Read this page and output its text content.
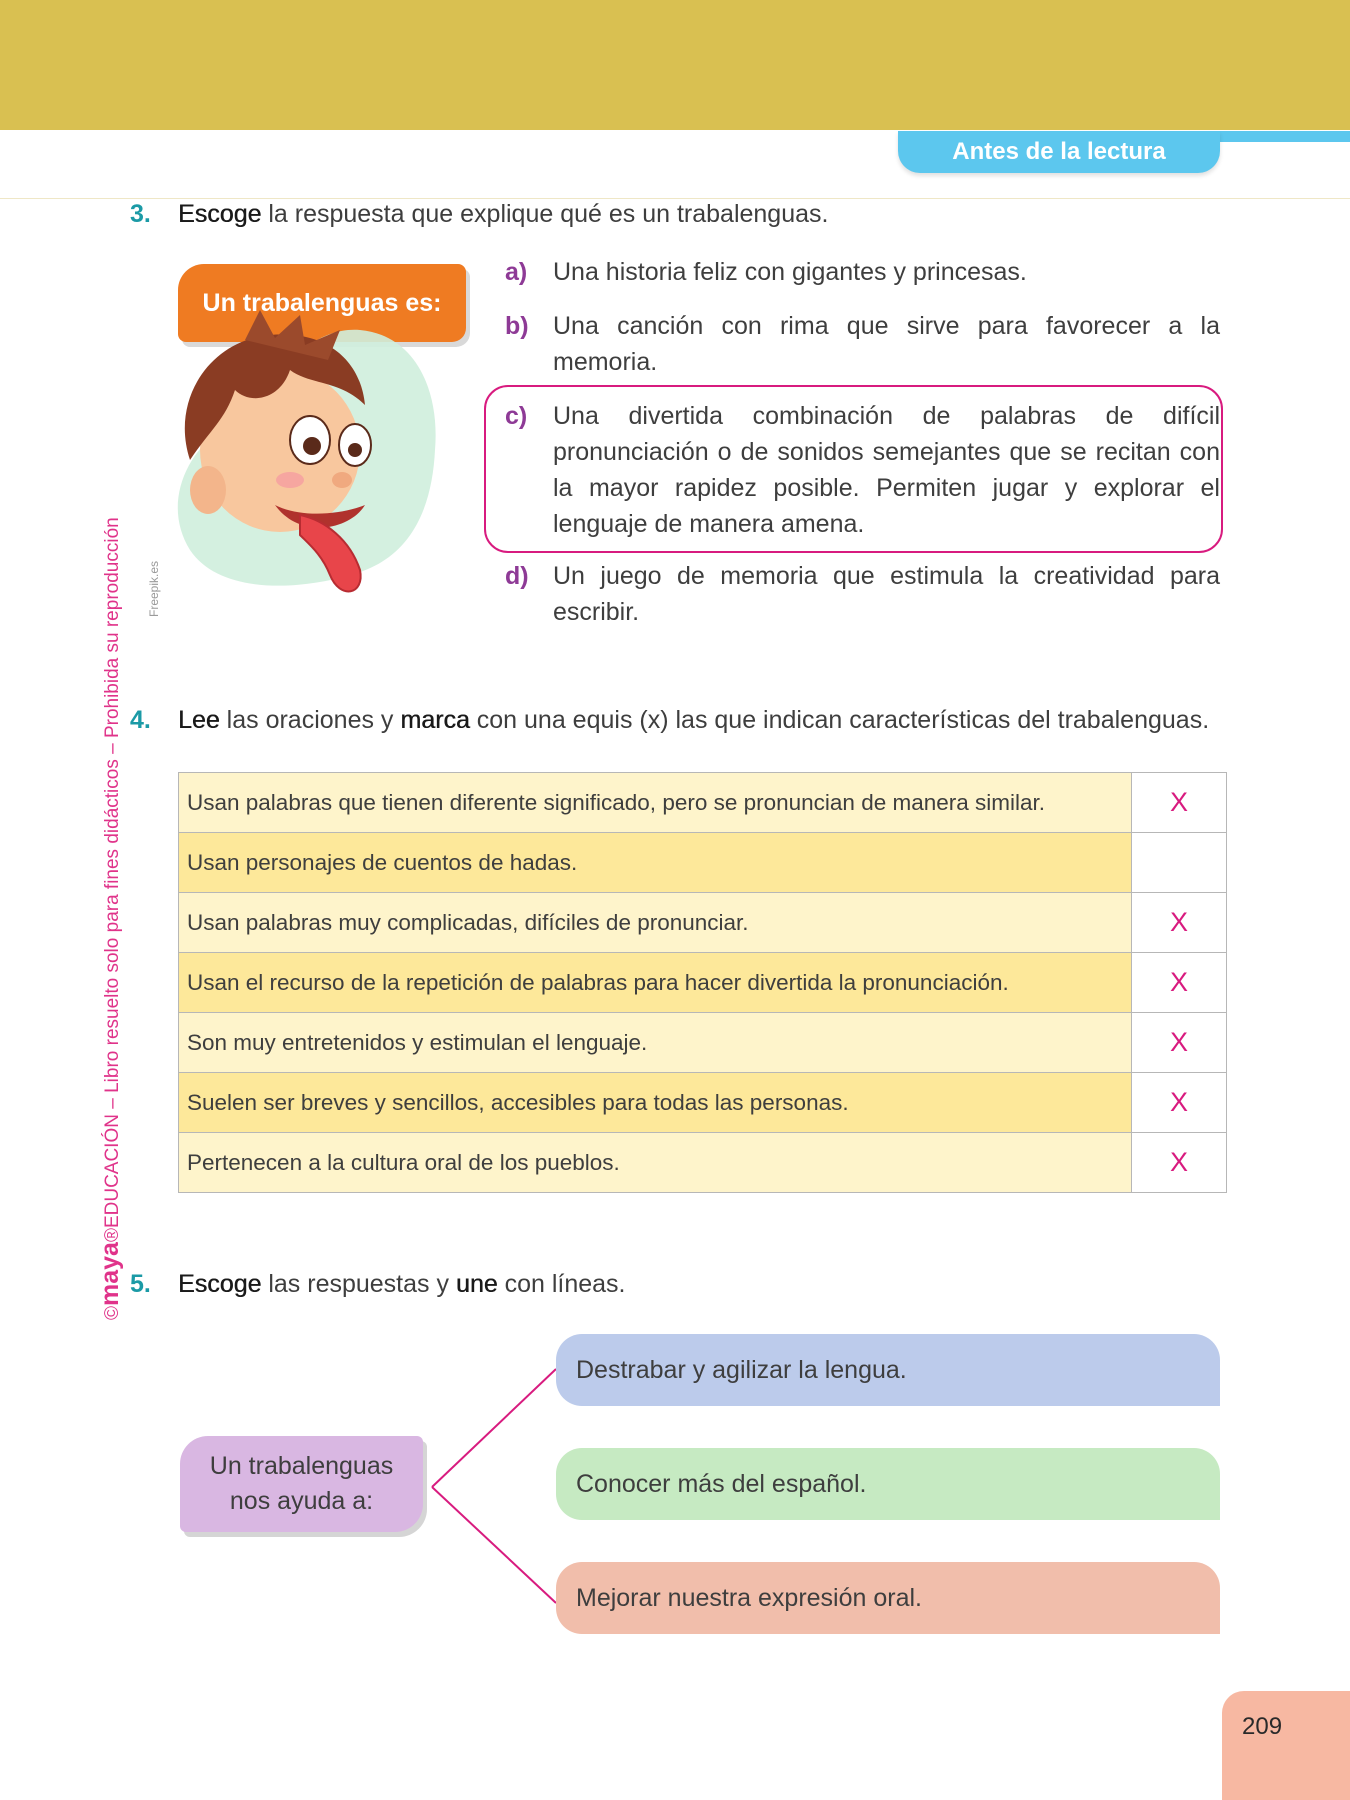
Antes de la lectura
©maya®EDUCACIÓN – Libro resuelto solo para fines didácticos – Prohibida su reproducción Freepik.es
3. Escoge la respuesta que explique qué es un trabalenguas.
Un trabalenguas es:
a) Una historia feliz con gigantes y princesas.
b) Una canción con rima que sirve para favorecer a la memoria.
c) Una divertida combinación de palabras de difícil pronunciación o de sonidos semejantes que se recitan con la mayor rapidez posible. Permiten jugar y explorar el lenguaje de manera amena.
d) Un juego de memoria que estimula la creatividad para escribir.
4. Lee las oraciones y marca con una equis (x) las que indican características del trabalenguas.
Usan palabras que tienen diferente significado, pero se pronuncian de manera similar.	X
Usan personajes de cuentos de hadas.	
Usan palabras muy complicadas, difíciles de pronunciar.	X
Usan el recurso de la repetición de palabras para hacer divertida la pronunciación.	X
Son muy entretenidos y estimulan el lenguaje.	X
Suelen ser breves y sencillos, accesibles para todas las personas.	X
Pertenecen a la cultura oral de los pueblos.	X
5. Escoge las respuestas y une con líneas.
Un trabalenguas
nos ayuda a:
Destrabar y agilizar la lengua.
Conocer más del español.
Mejorar nuestra expresión oral.
209
